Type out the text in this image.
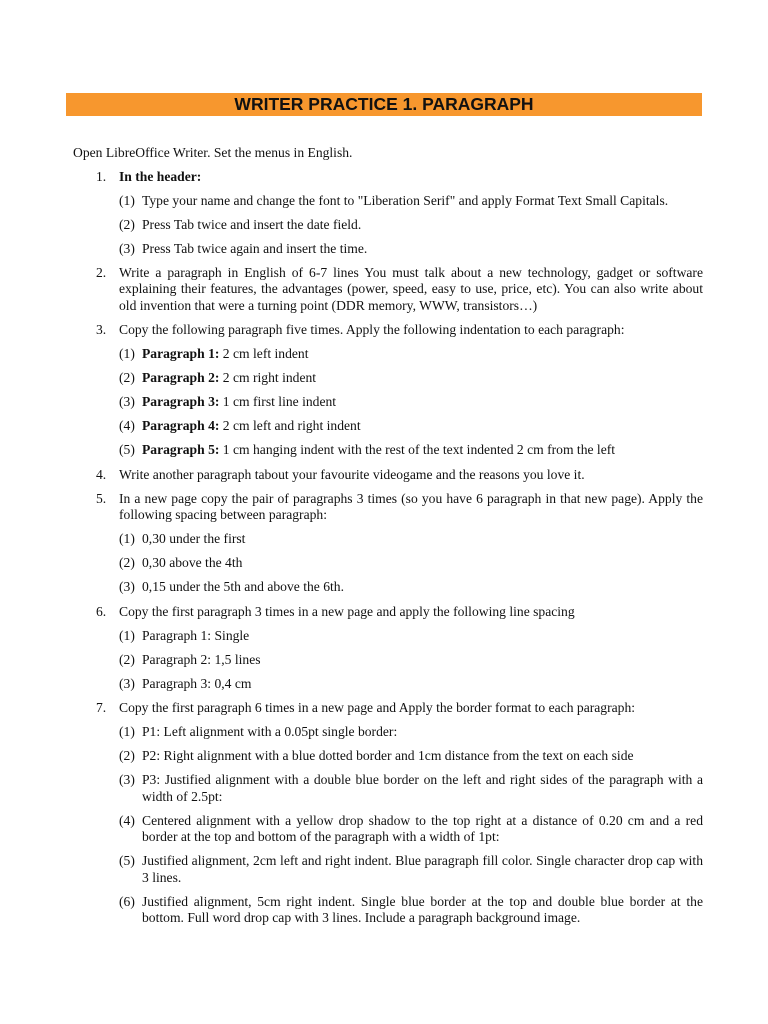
WRITER PRACTICE 1. PARAGRAPH

Open LibreOffice Writer. Set the menus in English.

1. In the header:

(1) Type your name and change the font to "Liberation Serif" and apply Format Text Small Capitals.

(2) Press Tab twice and insert the date field.

(3) Press Tab twice again and insert the time.

2. Write a paragraph in English of 6-7 lines You must talk about a new technology, gadget or software explaining their features, the advantages (power, speed, easy to use, price, etc). You can also write about old invention that were a turning point (DDR memory, WWW, transistors…)

3. Copy the following paragraph five times. Apply the following indentation to each paragraph:

(1) Paragraph 1: 2 cm left indent

(2) Paragraph 2: 2 cm right indent

(3) Paragraph 3: 1 cm first line indent

(4) Paragraph 4: 2 cm left and right indent

(5) Paragraph 5: 1 cm hanging indent with the rest of the text indented 2 cm from the left

4. Write another paragraph tabout your favourite videogame and the reasons you love it.

5. In a new page copy the pair of paragraphs 3 times (so you have 6 paragraph in that new page). Apply the following spacing between paragraph:

(1) 0,30 under the first

(2) 0,30 above the 4th

(3) 0,15 under the 5th and above the 6th.

6. Copy the first paragraph 3 times in a new page and apply the following line spacing

(1) Paragraph 1: Single

(2) Paragraph 2: 1,5 lines

(3) Paragraph 3: 0,4 cm

7. Copy the first paragraph 6 times in a new page and Apply the border format to each paragraph:

(1) P1: Left alignment with a 0.05pt single border:

(2) P2: Right alignment with a blue dotted border and 1cm distance from the text on each side

(3) P3: Justified alignment with a double blue border on the left and right sides of the paragraph with a width of 2.5pt:

(4) Centered alignment with a yellow drop shadow to the top right at a distance of 0.20 cm and a red border at the top and bottom of the paragraph with a width of 1pt:

(5) Justified alignment, 2cm left and right indent. Blue paragraph fill color. Single character drop cap with 3 lines.

(6) Justified alignment, 5cm right indent. Single blue border at the top and double blue border at the bottom. Full word drop cap with 3 lines. Include a paragraph background image.
